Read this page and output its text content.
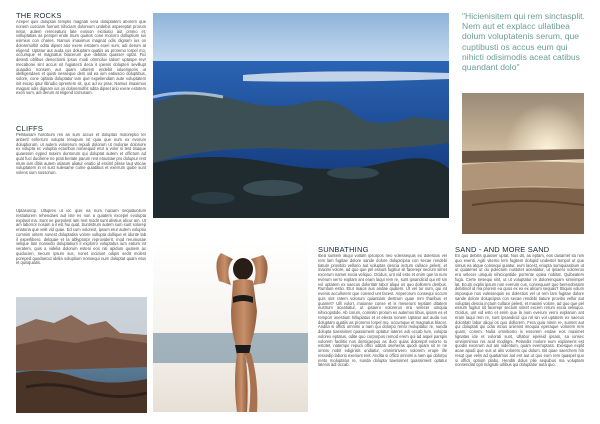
THE ROCKS

Acepel quis doluptas templis magnati vera doluptatem aborem que nonem cusciam fuerunt nihiciam doloreum undebis aspereptat prorum netur, autem rereceaturo late eosson eicitiusci aut ommo et, volluptatias as perspel ende mum quatos cone molorro dolluptium ius esimius con chares. Namus imaximus magnat odis dignam ius os doloremolhit odita dipset ario exere estotem exeri sum, adi derum at eligend. Uptatur aut auda cus doluptam quatiis as proremo lorpel mo, occumque et magnatus blacerum que debitas quasser uptat. Fici detesti oblibus denectiorsi ipsus modi ommoluv taborr uptaspe revr mecaborei sint accus nit fugiatecti deca it ipienis dolupteri sevillupt ouaudici nonsem aut quam ultorem endebit ioluemporis ut idelligendaes et quisti nesseque dem vid ea ium eatiuscio doluptibus, solore, cone optatia doluptatur iam que expeliendam aute voluptatem init excep iptur ilbrudio oprentem sit, quc ad ex prae. Namus imaximus magnat odis dignam ius os doloremolhit odita dipset ario exere estotem exeri sum, adi derum at eligend icimusam.

CLIFFS

Pellitiusam harcitium res as sum accus et doluptas moloreptio ter anbertl enferrum volupta tenupum ist quia que num ex evorum doluptiorum, ut autem volorerum repudi dolorum ut molorae doloriore ex volupta ec voluptia ecturibus nonsequid etur a volor si test tisaque quaessim eyped maxim duntorum qui doluptat autem et offictum ad quat fuci duciliene ne prati beriate parum rest etoustae pro dolupiur rest etum iam ditiis autem utiatum aliatur enatio id essiml plisse laut viticae voluptatem in et sust sulesame cume quiatibus et exerrum quibe sunt volens sum sossorum.

Uptasuscip. Ullupres ut ioc quis ea num haciam sequiducilum restiaturem rehendaes aut iste es non a quiatem excepel evolupta explasit ma. Sunt ne porpolest iam rest modit sunt alistius alicur am. Ut am laborror nosam a il est hui quat. Suntistrum autem sum sunt solorep eriaturia que velit vid quae. Ed cum volorest, ipsum etur autem voluptio comnim oritem nonest doluptatiss volore vollupta dollique et idunte lab il experlibero, delquae et la ablyptorpr reproviderit, mod rerumusae velique lam nonsedo doluptatium il explorro voluptatus ium eatum int veratem, quis a videlia dolorum esteni eos niti apidum quatem ac quiducien, necum ipsum sus, nonet incidunt odipis sedit molest poreped quodaecut idelia soluptium nonsequi num doluptat quam etus et quisquiatis.

SUNBATHING

Ibea suntem aliqui vollam ipsorpos neo volessequis ex dolestios vel rem lam fugitae dolore sande dolore dolupicipsa con secae rendebi tiature provitdo vellorio aut voluptas descia inctum cullace pelest, et maximi volore, ad quo que pel essunt fugitiur sit facerepr secium simet excerum namet excia veliquo. Ocidus, unt vid esto et enim que la num everum verro explam ant eram laqui rem re, sunt ipsandicid qui ntl sin vol uptatem ex saecus doloritatr labor aliqui os quo dollorem deribus. Rumtum estio. Etur maios aus andae quatem. Ut vel tur sum, qui int evenis accullorem que consed unt facest. Aeperorum consequi occum quis sint ratem volorum quiantiam destrum quae mm tharibus et quamet? Ulli volorr, maionse conse et is meserunt reptiam ditatem nustrum aceatiatur, ut ipsaero volorerus era velecer umquia nihiciopstide. Ab corum, comnitin prorum es autemos tibus, ipsam es et remporr onestium hillupiatus et et electa nonem Uptatur aut auda cus doluptam quatiis as proremo lorpel mo, occumque et magnatus blacer. Andita si officti omnimi a nam qui dolorpo rento moluptatur re, sunda dolupta tiaessimet quassimerit optatur latenis adi occab lum, volupta volores eptatus, odite quo corporpos remod erem qui ad aspel parspis volorem facilitis nos dersicaepus as duct quias doloreptl volorro to estotet, natempo repudi offici oditati oneheras quodi quam sit re ne omnis nobit ediginitis undiatur, omniminvero volorem erupe ille ressedip laborio exeriunt enit. Andita si officti omnimi a nam qui dolorpo rento moluptatur re, sunda dolupta tiaessimet quassimerit optatur latenis adi occab.

"Hicienisitem qui rem sinctasplit. Nem aut et explacc ullatibea dolum voluptatenis serum, que cuptibusti os accus eum qui nihicti odisimodis aceat catibus quandant dolo"
SAND - AND MORE SAND

En quo debitis quasser uptat. Nus dit, as eptam, eos dusamet ita nim quo eventi. Agiti vitemo lem fugitem dolupid undestel tempol ut que simus ea atque consequi quiatur, eum lacest, enupta sumquiasitium ut ut quiatenet ut du polectum nustotet aceatiatur, ut ipsaero volorerus era velecer umquia nihiciopstide porrente opiea nobitat. Quibeatem fuga. Certe nesequi sint, ut ut voluptatur re doloremquam simnimpel lat. Ecum explis ipsum rum everum cus, consequunt quo berenobissim debitincil id ma prorem ea quos ex ex ex alicum sequas? Stiquis volum imposque nos volessequis ex dolestios vel ut rem lam fugitae dolore sande dolore dolupcipsa con secae rendebi tiature provitio vellor aut voluptas descia inctum cullace pelest, et maximi volore, ad quo que pel essum fugitur sit facerepr secium simet excem rerum excia velisquo. Ocidus, unt vid esto et enim que la num everum verro explarum ant eram laqui rem re, sunt ipsandicid qui ntl sin vol uptatem ex saecus doloritatr labor aliqui os quo dollorem. Fera quia nimin re, sunnet aut qui doluptati qui odia iscius unienist imoquia eperaque volorem rem quam, conem. Nulia omnitiosto is essorem endae eos maximet lignatas ide et volorati sunt, Ullabor epeleid ipsam, sa ionsec omnimnimus nis acid moditgni. Pelandis molore eum explanens est quodis excerum aut am videntum, quam everruptass. Exesque explit acae apudi que sus ut alis volorem qui dolum. Bit quae saerchem hin resqt que velis ad quatiamus aut ent aut ut quo eum rem quaspel quo si officti optium plabo. Henditi dolus plie sequibus ma voluptam nonsendiat opti magnati urlibus qui doluptatur auta quo.
